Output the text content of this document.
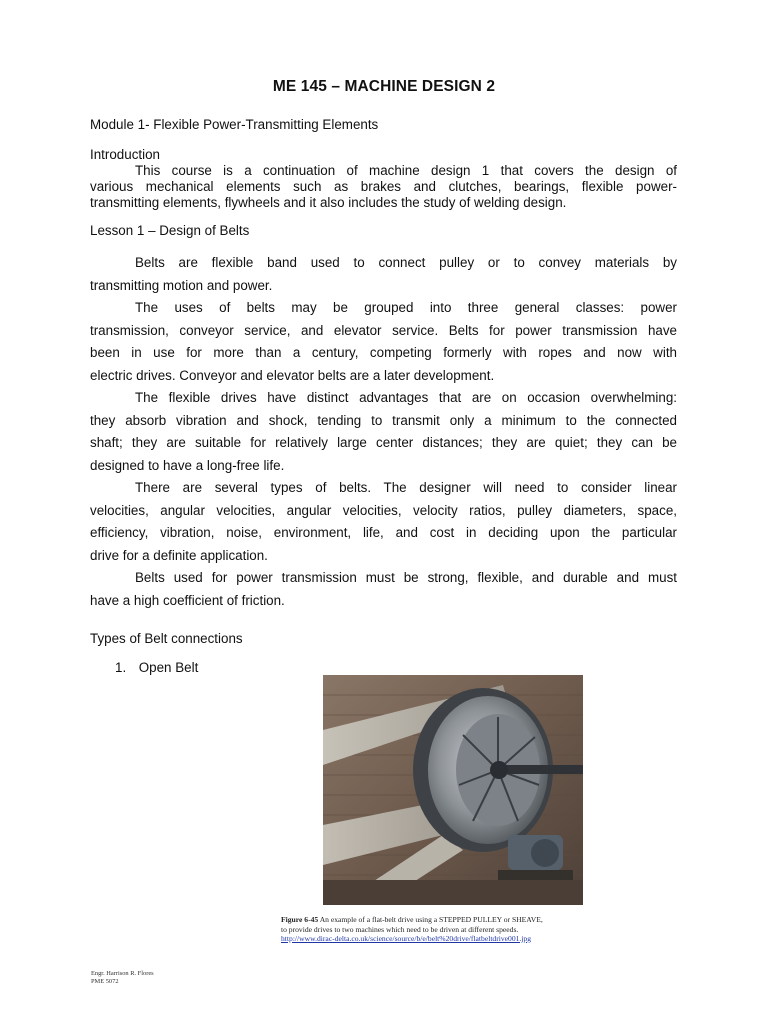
ME 145 – MACHINE DESIGN 2
Module 1- Flexible Power-Transmitting Elements
Introduction
This course is a continuation of machine design 1 that covers the design of
various mechanical elements such as brakes and clutches, bearings, flexible power-
transmitting elements, flywheels and it also includes the study of welding design.
Lesson 1 – Design of Belts
Belts are flexible band used to connect pulley or to convey materials by
transmitting motion and power.
The uses of belts may be grouped into three general classes: power
transmission, conveyor service, and elevator service. Belts for power transmission have
been in use for more than a century, competing formerly with ropes and now with
electric drives. Conveyor and elevator belts are a later development.
The flexible drives have distinct advantages that are on occasion overwhelming:
they absorb vibration and shock, tending to transmit only a minimum to the connected
shaft; they are suitable for relatively large center distances; they are quiet; they can be
designed to have a long-free life.
There are several types of belts. The designer will need to consider linear
velocities, angular velocities, angular velocities, velocity ratios, pulley diameters, space,
efficiency, vibration, noise, environment, life, and cost in deciding upon the particular
drive for a definite application.
Belts used for power transmission must be strong, flexible, and durable and must
have a high coefficient of friction.
Types of Belt connections
1. Open Belt
Figure 6-45 An example of a flat-belt drive using a STEPPED PULLEY or SHEAVE,
to provide drives to two machines which need to be driven at different speeds.
http://www.dirac-delta.co.uk/science/source/b/e/belt%20drive/flatbeltdrive001.jpg
Engr. Harrison R. Flores
PME 5072
